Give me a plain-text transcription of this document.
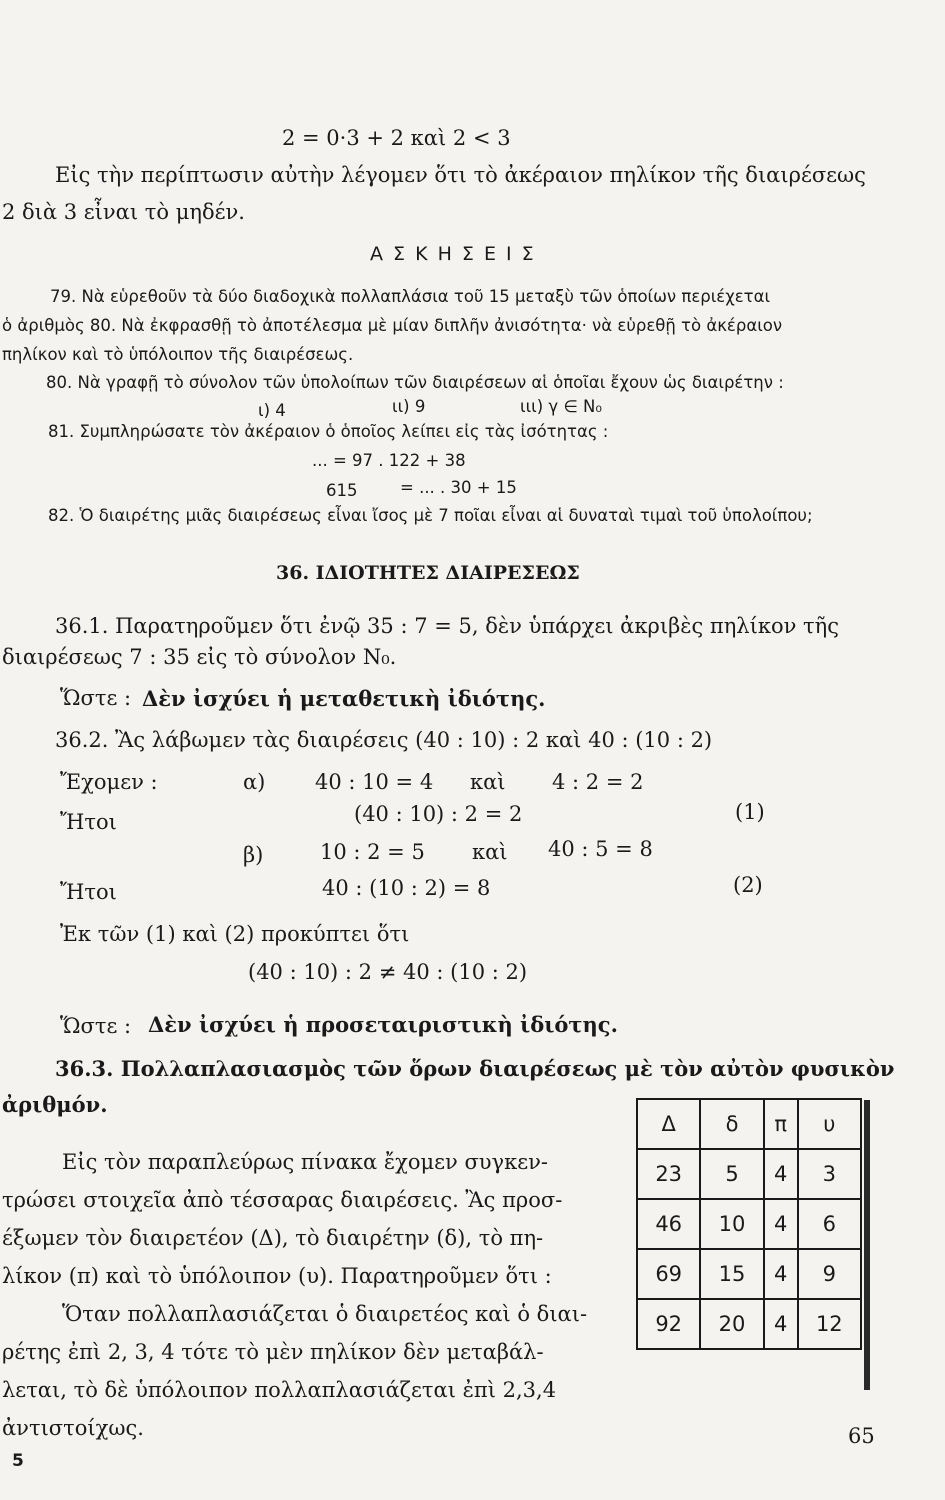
2 = 0·3 + 2 καὶ 2 < 3
Εἰς τὴν περίπτωσιν αὐτὴν λέγομεν ὅτι τὸ ἀκέραιον πηλίκον τῆς διαιρέσεως
2 διὰ 3 εἶναι τὸ μηδέν.
Α Σ Κ Η Σ Ε Ι Σ
79. Νὰ εὑρεθοῦν τὰ δύο διαδοχικὰ πολλαπλάσια τοῦ 15 μεταξὺ τῶν ὁποίων περιέχεται
ὁ ἀριθμὸς 80. Νὰ ἐκφρασθῇ τὸ ἀποτέλεσμα μὲ μίαν διπλῆν ἀνισότητα· νὰ εὑρεθῇ τὸ ἀκέραιον
πηλίκον καὶ τὸ ὑπόλοιπον τῆς διαιρέσεως.
80. Νὰ γραφῇ τὸ σύνολον τῶν ὑπολοίπων τῶν διαιρέσεων αἱ ὁποῖαι ἔχουν ὡς διαιρέτην :
ι) 4	ιι) 9	ιιι) γ ∈ N₀
81. Συμπληρώσατε τὸν ἀκέραιον ὁ ὁποῖος λείπει εἰς τὰς ἰσότητας :
... = 97 . 122 + 38
615	= ... . 30 + 15
82. Ὁ διαιρέτης μιᾶς διαιρέσεως εἶναι ἴσος μὲ 7 ποῖαι εἶναι αἱ δυναταὶ τιμαὶ τοῦ ὑπολοίπου;
36. ΙΔΙΟΤΗΤΕΣ ΔΙΑΙΡΕΣΕΩΣ
36.1. Παρατηροῦμεν ὅτι ἐνῷ 35 : 7 = 5, δὲν ὑπάρχει ἀκριβὲς πηλίκον τῆς
διαιρέσεως 7 : 35 εἰς τὸ σύνολον N₀.
Ὥστε : Δὲν ἰσχύει ἡ μεταθετικὴ ἰδιότης.
36.2. Ἂς λάβωμεν τὰς διαιρέσεις (40 : 10) : 2 καὶ 40 : (10 : 2)
Ἔχομεν :	α) 40 : 10 = 4 καὶ 4 : 2 = 2
Ἤτοι	(40 : 10) : 2 = 2	(1)
β)	10 : 2 = 5 καὶ 40 : 5 = 8
Ἤτοι	40 : (10 : 2) = 8	(2)
Ἐκ τῶν (1) καὶ (2) προκύπτει ὅτι
(40 : 10) : 2 ≠ 40 : (10 : 2)
Ὥστε : Δὲν ἰσχύει ἡ προσεταιριστικὴ ἰδιότης.
36.3. Πολλαπλασιασμὸς τῶν ὅρων διαιρέσεως μὲ τὸν αὐτὸν φυσικὸν
ἀριθμόν.
Εἰς τὸν παραπλεύρως πίνακα ἔχομεν συγκεν-
τρώσει στοιχεῖα ἀπὸ τέσσαρας διαιρέσεις. Ἂς προσ-
έξωμεν τὸν διαιρετέον (Δ), τὸ διαιρέτην (δ), τὸ πη-
λίκον (π) καὶ τὸ ὑπόλοιπον (υ). Παρατηροῦμεν ὅτι :
Ὅταν πολλαπλασιάζεται ὁ διαιρετέος καὶ ὁ διαι-
ρέτης ἐπὶ 2, 3, 4 τότε τὸ μὲν πηλίκον δὲν μεταβάλ-
λεται, τὸ δὲ ὑπόλοιπον πολλαπλασιάζεται ἐπὶ 2,3,4
ἀντιστοίχως.
Δ	δ	π	υ
23	5	4	3
46	10	4	6
69	15	4	9
92	20	4	12
65
5
